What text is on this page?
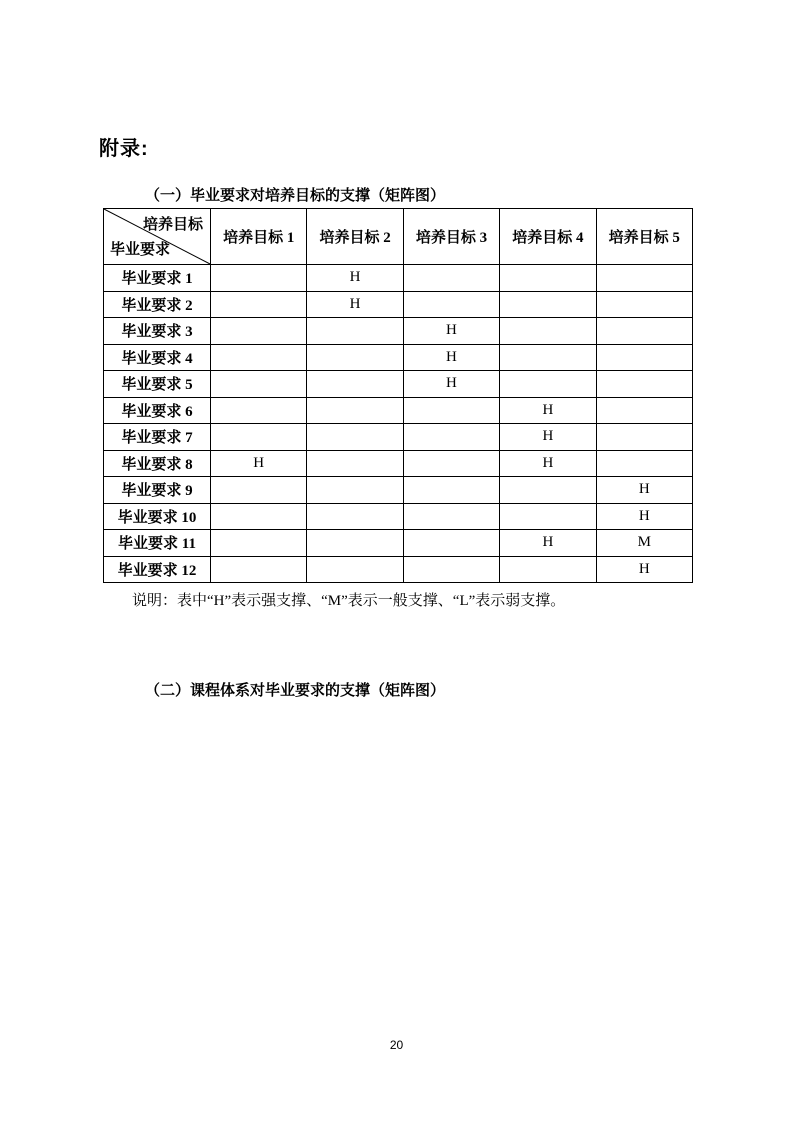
附录:
（一）毕业要求对培养目标的支撑（矩阵图）
培养目标
毕业要求	培养目标 1	培养目标 2	培养目标 3	培养目标 4	培养目标 5
毕业要求 1		H			
毕业要求 2		H			
毕业要求 3			H		
毕业要求 4			H		
毕业要求 5			H		
毕业要求 6				H	
毕业要求 7				H	
毕业要求 8	H			H	
毕业要求 9					H
毕业要求 10					H
毕业要求 11				H	M
毕业要求 12					H
说明：表中“H”表示强支撑、“M”表示一般支撑、“L”表示弱支撑。
（二）课程体系对毕业要求的支撑（矩阵图）
20
